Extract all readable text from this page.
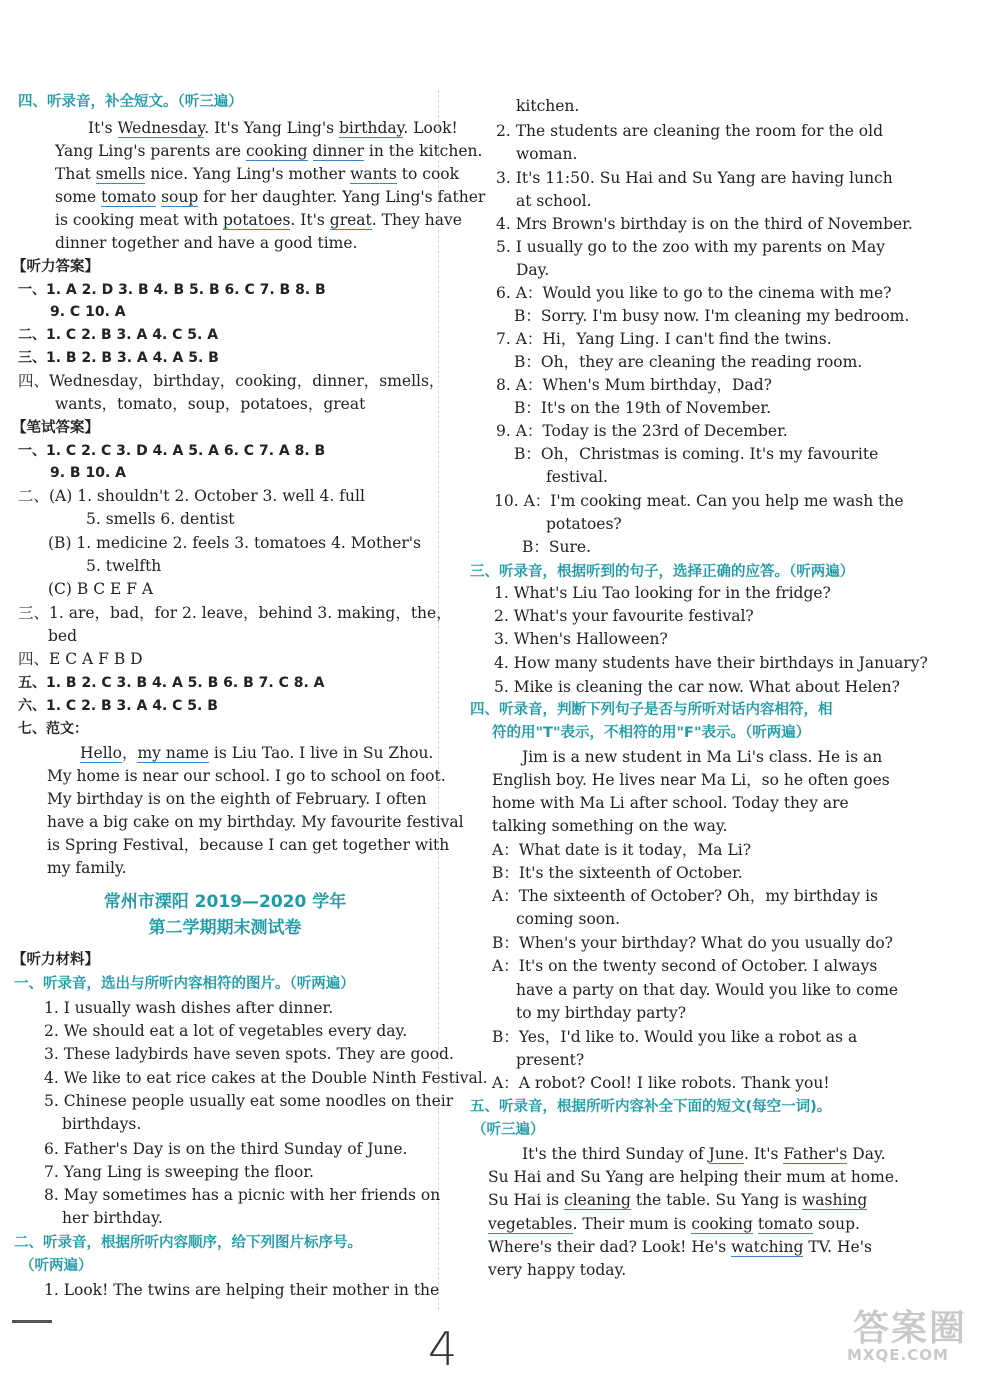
四、听录音，补全短文。（听三遍）
It's Wednesday. It's Yang Ling's birthday. Look!
Yang Ling's parents are cooking dinner in the kitchen.
That smells nice. Yang Ling's mother wants to cook
some tomato soup for her daughter. Yang Ling's father
is cooking meat with potatoes. It's great. They have
dinner together and have a good time.
【听力答案】
一、1. A 2. D 3. B 4. B 5. B 6. C 7. B 8. B
9. C 10. A
二、1. C 2. B 3. A 4. C 5. A
三、1. B 2. B 3. A 4. A 5. B
四、Wednesday，birthday，cooking，dinner，smells，
wants，tomato，soup，potatoes，great
【笔试答案】
一、1. C 2. C 3. D 4. A 5. A 6. C 7. A 8. B
9. B 10. A
二、(A) 1. shouldn't 2. October 3. well 4. full
5. smells 6. dentist
(B) 1. medicine 2. feels 3. tomatoes 4. Mother's
5. twelfth
(C) B C E F A
三、1. are，bad，for 2. leave，behind 3. making，the，
bed
四、E C A F B D
五、1. B 2. C 3. B 4. A 5. B 6. B 7. C 8. A
六、1. C 2. B 3. A 4. C 5. B
七、范文：
Hello，my name is Liu Tao. I live in Su Zhou.
My home is near our school. I go to school on foot.
My birthday is on the eighth of February. I often
have a big cake on my birthday. My favourite festival
is Spring Festival，because I can get together with
my family.
常州市溧阳 2019—2020 学年
第二学期期末测试卷
【听力材料】
一、听录音，选出与所听内容相符的图片。（听两遍）
1. I usually wash dishes after dinner.
2. We should eat a lot of vegetables every day.
3. These ladybirds have seven spots. They are good.
4. We like to eat rice cakes at the Double Ninth Festival.
5. Chinese people usually eat some noodles on their
birthdays.
6. Father's Day is on the third Sunday of June.
7. Yang Ling is sweeping the floor.
8. May sometimes has a picnic with her friends on
her birthday.
二、听录音，根据所听内容顺序，给下列图片标序号。
（听两遍）
1. Look! The twins are helping their mother in the
kitchen.
2. The students are cleaning the room for the old
woman.
3. It's 11:50. Su Hai and Su Yang are having lunch
at school.
4. Mrs Brown's birthday is on the third of November.
5. I usually go to the zoo with my parents on May
Day.
6. A：Would you like to go to the cinema with me?
B：Sorry. I'm busy now. I'm cleaning my bedroom.
7. A：Hi，Yang Ling. I can't find the twins.
B：Oh，they are cleaning the reading room.
8. A：When's Mum birthday，Dad?
B：It's on the 19th of November.
9. A：Today is the 23rd of December.
B：Oh，Christmas is coming. It's my favourite
festival.
10. A：I'm cooking meat. Can you help me wash the
potatoes?
B：Sure.
三、听录音，根据听到的句子，选择正确的应答。（听两遍）
1. What's Liu Tao looking for in the fridge?
2. What's your favourite festival?
3. When's Halloween?
4. How many students have their birthdays in January?
5. Mike is cleaning the car now. What about Helen?
四、听录音，判断下列句子是否与所听对话内容相符，相
符的用"T"表示，不相符的用"F"表示。（听两遍）
Jim is a new student in Ma Li's class. He is an
English boy. He lives near Ma Li，so he often goes
home with Ma Li after school. Today they are
talking something on the way.
A：What date is it today，Ma Li?
B：It's the sixteenth of October.
A：The sixteenth of October? Oh，my birthday is
coming soon.
B：When's your birthday? What do you usually do?
A：It's on the twenty second of October. I always
have a party on that day. Would you like to come
to my birthday party?
B：Yes，I'd like to. Would you like a robot as a
present?
A：A robot? Cool! I like robots. Thank you!
五、听录音，根据所听内容补全下面的短文(每空一词)。
（听三遍）
It's the third Sunday of June. It's Father's Day.
Su Hai and Su Yang are helping their mum at home.
Su Hai is cleaning the table. Su Yang is washing
vegetables. Their mum is cooking tomato soup.
Where's their dad? Look! He's watching TV. He's
very happy today.
4	答案圈
MXQE.COM
